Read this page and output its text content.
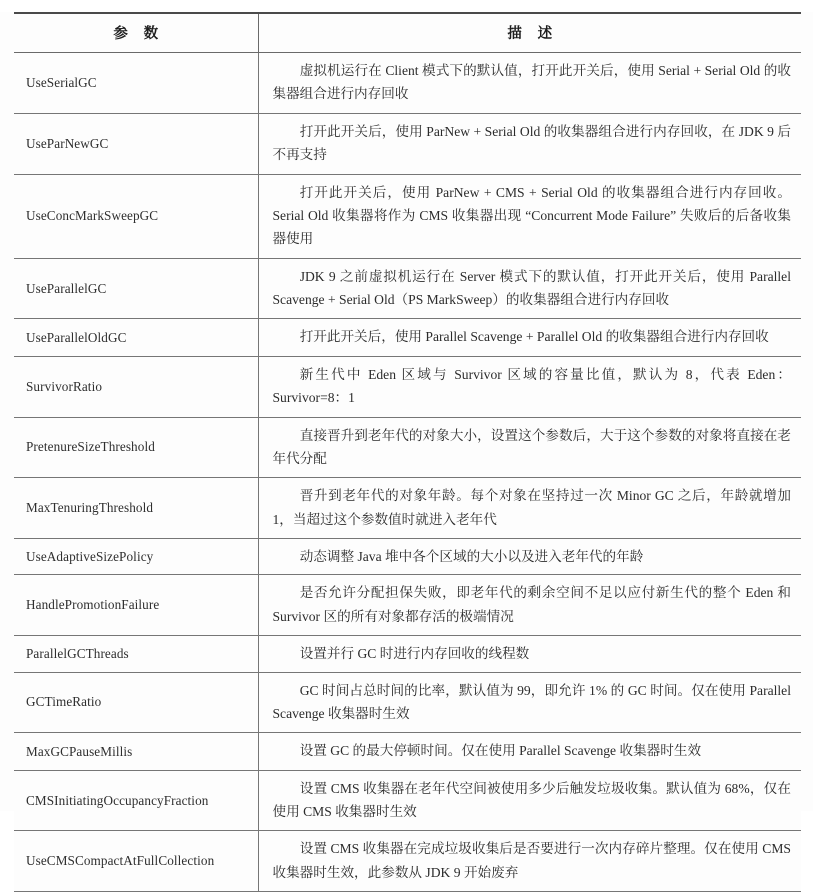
参 数	描 述
UseSerialGC	虚拟机运行在 Client 模式下的默认值，打开此开关后，使用 Serial + Serial Old 的收集器组合进行内存回收
UseParNewGC	打开此开关后，使用 ParNew + Serial Old 的收集器组合进行内存回收，在 JDK 9 后不再支持
UseConcMarkSweepGC	打开此开关后，使用 ParNew + CMS + Serial Old 的收集器组合进行内存回收。Serial Old 收集器将作为 CMS 收集器出现 “Concurrent Mode Failure” 失败后的后备收集器使用
UseParallelGC	JDK 9 之前虚拟机运行在 Server 模式下的默认值，打开此开关后，使用 Parallel Scavenge + Serial Old（PS MarkSweep）的收集器组合进行内存回收
UseParallelOldGC	打开此开关后，使用 Parallel Scavenge + Parallel Old 的收集器组合进行内存回收
SurvivorRatio	新生代中 Eden 区域与 Survivor 区域的容量比值，默认为 8，代表 Eden：Survivor=8：1
PretenureSizeThreshold	直接晋升到老年代的对象大小，设置这个参数后，大于这个参数的对象将直接在老年代分配
MaxTenuringThreshold	晋升到老年代的对象年龄。每个对象在坚持过一次 Minor GC 之后，年龄就增加 1，当超过这个参数值时就进入老年代
UseAdaptiveSizePolicy	动态调整 Java 堆中各个区域的大小以及进入老年代的年龄
HandlePromotionFailure	是否允许分配担保失败，即老年代的剩余空间不足以应付新生代的整个 Eden 和 Survivor 区的所有对象都存活的极端情况
ParallelGCThreads	设置并行 GC 时进行内存回收的线程数
GCTimeRatio	GC 时间占总时间的比率，默认值为 99，即允许 1% 的 GC 时间。仅在使用 Parallel Scavenge 收集器时生效
MaxGCPauseMillis	设置 GC 的最大停顿时间。仅在使用 Parallel Scavenge 收集器时生效
CMSInitiatingOccupancyFraction	设置 CMS 收集器在老年代空间被使用多少后触发垃圾收集。默认值为 68%，仅在使用 CMS 收集器时生效
UseCMSCompactAtFullCollection	设置 CMS 收集器在完成垃圾收集后是否要进行一次内存碎片整理。仅在使用 CMS 收集器时生效，此参数从 JDK 9 开始废弃
